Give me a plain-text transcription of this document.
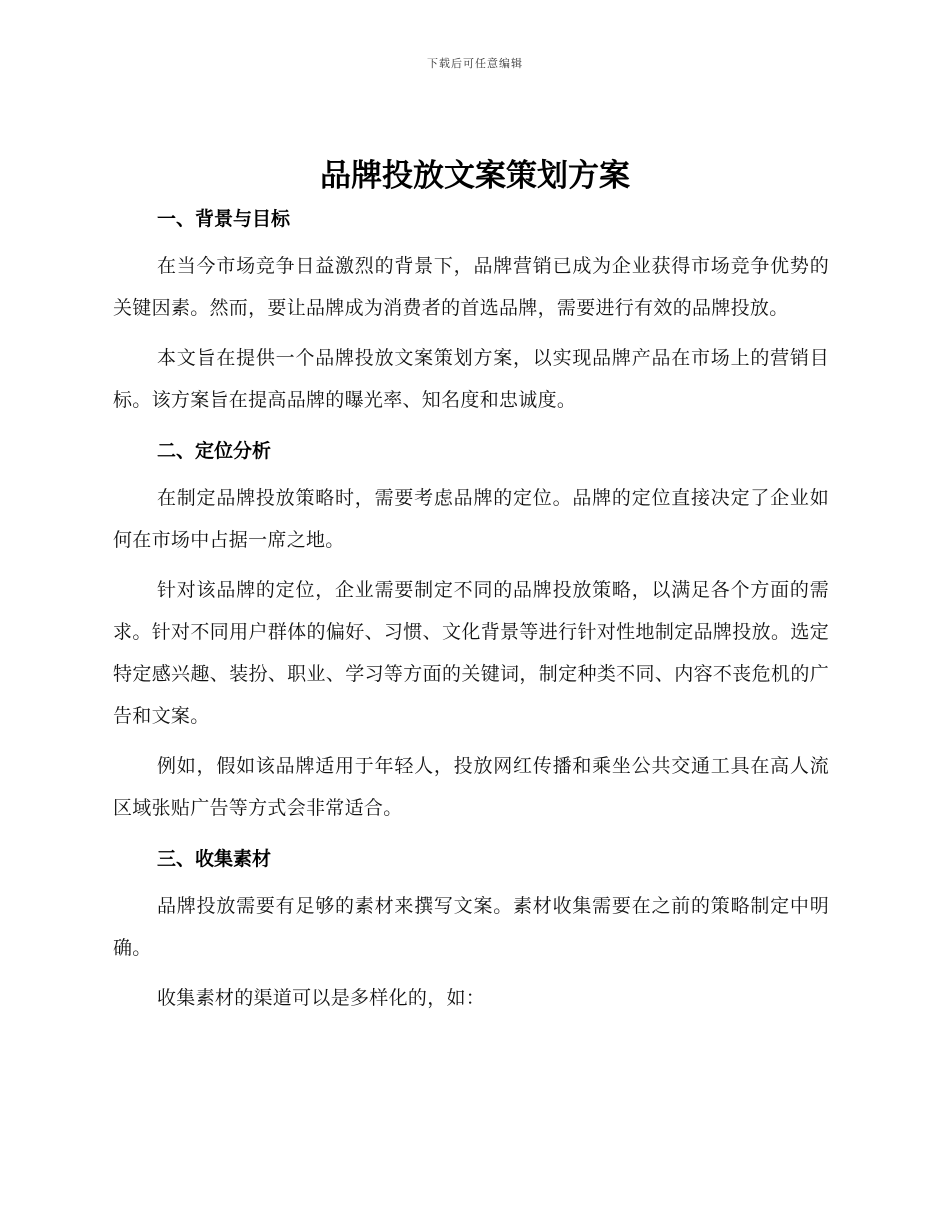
下载后可任意编辑
品牌投放文案策划方案
一、背景与目标

在当今市场竞争日益激烈的背景下，品牌营销已成为企业获得市场竞争优势的关键因素。然而，要让品牌成为消费者的首选品牌，需要进行有效的品牌投放。

本文旨在提供一个品牌投放文案策划方案，以实现品牌产品在市场上的营销目标。该方案旨在提高品牌的曝光率、知名度和忠诚度。

二、定位分析

在制定品牌投放策略时，需要考虑品牌的定位。品牌的定位直接决定了企业如何在市场中占据一席之地。

针对该品牌的定位，企业需要制定不同的品牌投放策略，以满足各个方面的需求。针对不同用户群体的偏好、习惯、文化背景等进行针对性地制定品牌投放。选定特定感兴趣、装扮、职业、学习等方面的关键词，制定种类不同、内容不丧危机的广告和文案。

例如，假如该品牌适用于年轻人，投放网红传播和乘坐公共交通工具在高人流区域张贴广告等方式会非常适合。

三、收集素材

品牌投放需要有足够的素材来撰写文案。素材收集需要在之前的策略制定中明确。

收集素材的渠道可以是多样化的，如：
